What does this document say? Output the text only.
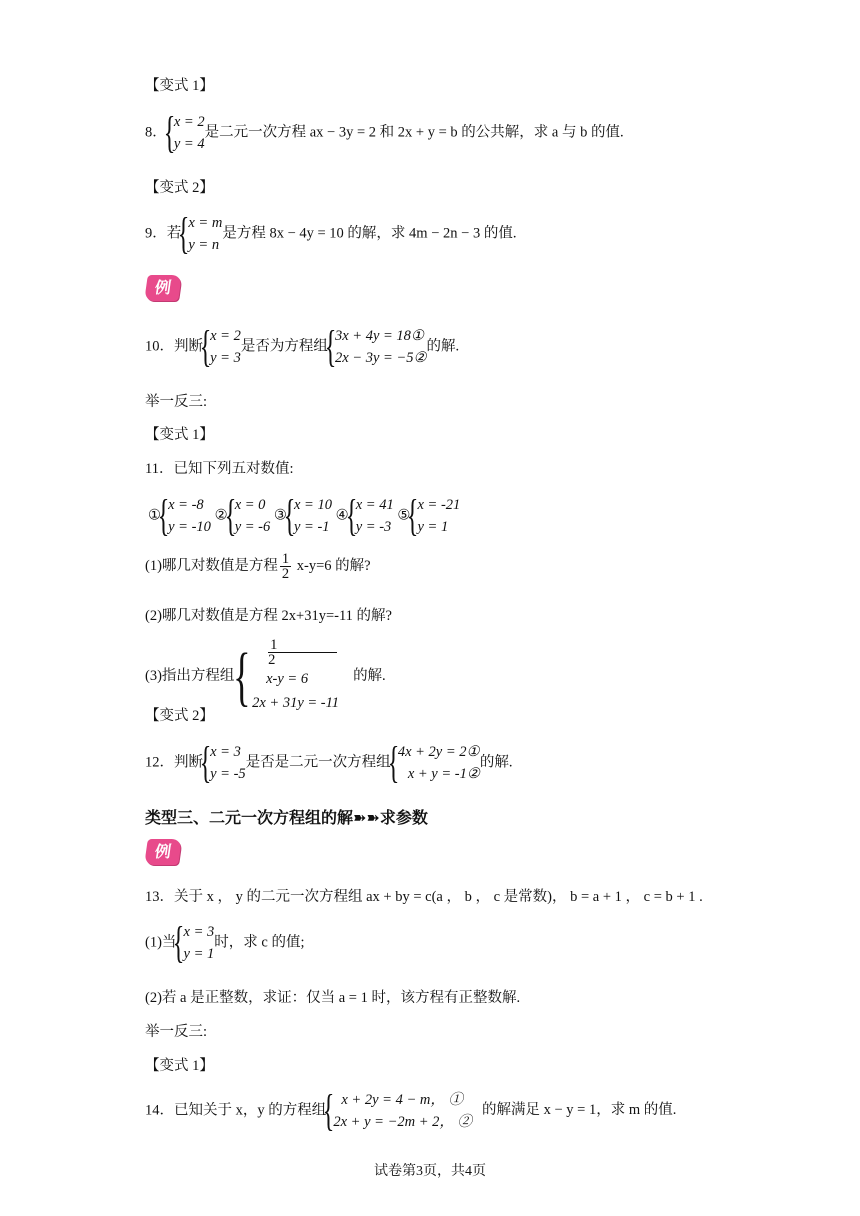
【变式 1】
8．
{
x = 2
y = 4
是二元一次方程 ax − 3y = 2 和 2x + y = b 的公共解，求 a 与 b 的值.
【变式 2】
9．若
{
x = m
y = n
是方程 8x − 4y = 10 的解，求 4m − 2n − 3 的值.
例
10．判断
{
x = 2
y = 3
是否为方程组
{
3x + 4y = 18①
2x − 3y = −5②
的解.
举一反三:
【变式 1】
11．已知下列五对数值:
①
{
x = -8
y = -10
②
{
x = 0
y = -6
③
{
x = 10
y = -1
④
{
x = 41
y = -3
⑤
{
x = -21
y = 1
(1)哪几对数值是方程 $\frac{1}{2} x-y=6$ 的解?
(2)哪几对数值是方程 2x+31y=-11 的解?
(3)指出方程组 { 1
2
x-y = 6
2x + 31y = -11
的解.
【变式 2】
12．判断
{
x = 3
y = -5
是否是二元一次方程组
{
4x + 2y = 2①
x + y = -1②
的解.
类型三、二元一次方程组的解➽➽求参数
例
13．关于 x ， y 的二元一次方程组 ax + by = c(a ， b ， c 是常数)， b = a + 1 ， c = b + 1 .
(1)当
{
x = 3
y = 1
时，求 c 的值;
(2)若 a 是正整数，求证：仅当 a = 1 时，该方程有正整数解.
举一反三:
【变式 1】
14．已知关于 x，y 的方程组
{ x + 2y = 4 − m， ①
2x + y = −2m + 2， ②
的解满足 x − y = 1，求 m 的值.
试卷第3页，共4页
